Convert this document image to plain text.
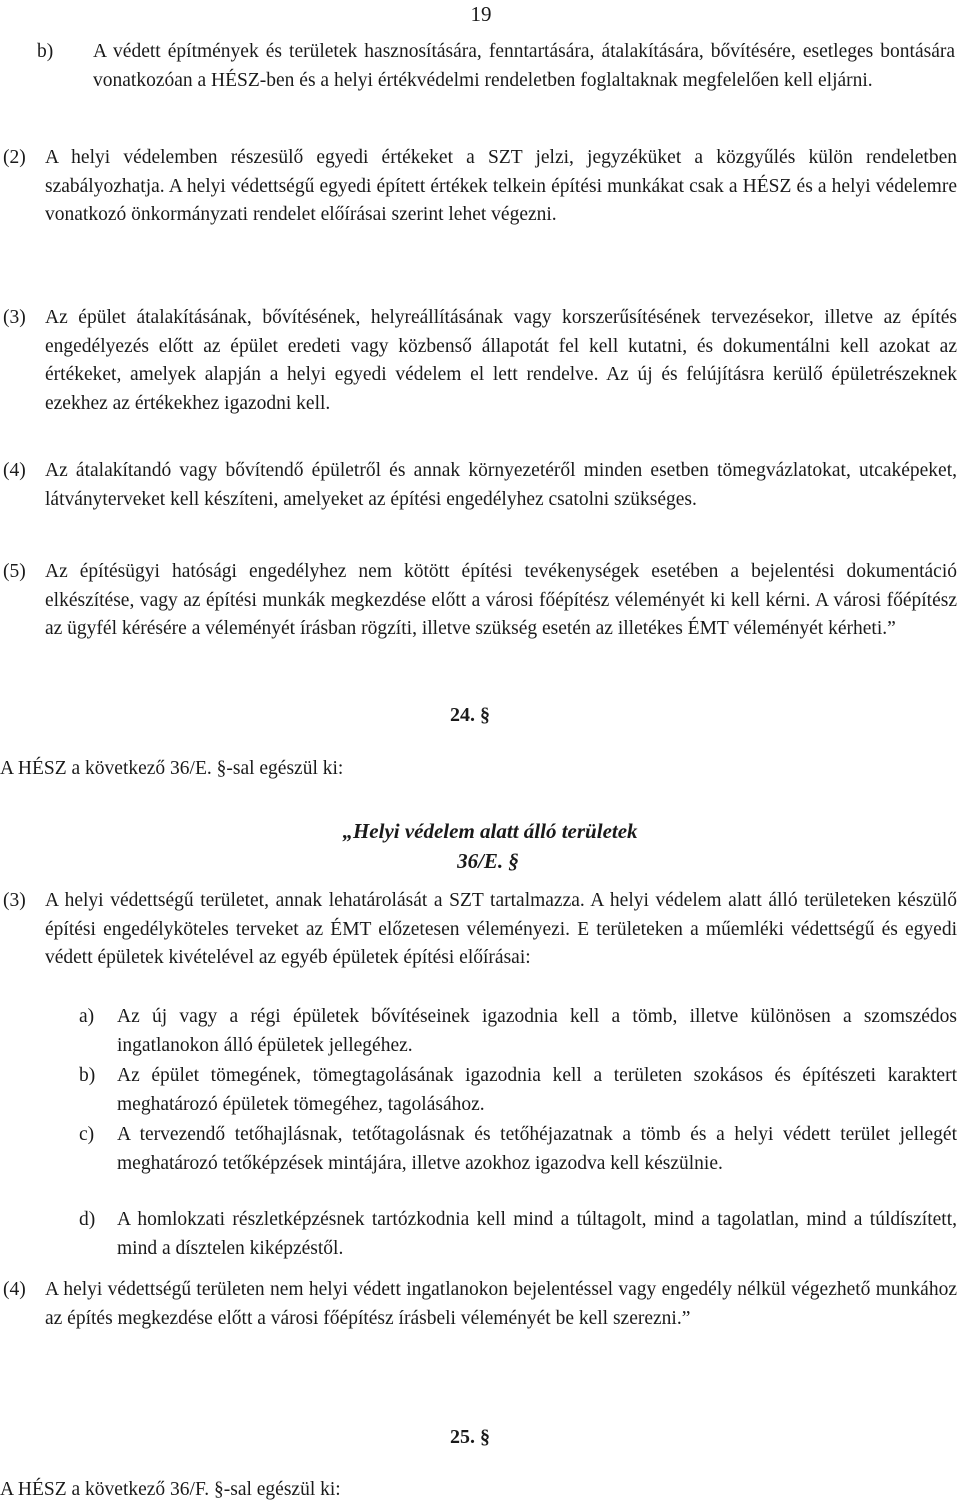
19
b) A védett építmények és területek hasznosítására, fenntartására, átalakítására, bővítésére, esetleges bontására vonatkozóan a HÉSZ-ben és a helyi értékvédelmi rendeletben foglaltaknak megfelelően kell eljárni.
(2) A helyi védelemben részesülő egyedi értékeket a SZT jelzi, jegyzéküket a közgyűlés külön rendeletben szabályozhatja. A helyi védettségű egyedi épített értékek telkein építési munkákat csak a HÉSZ és a helyi védelemre vonatkozó önkormányzati rendelet előírásai szerint lehet végezni.
(3) Az épület átalakításának, bővítésének, helyreállításának vagy korszerűsítésének tervezésekor, illetve az építés engedélyezés előtt az épület eredeti vagy közbenső állapotát fel kell kutatni, és dokumentálni kell azokat az értékeket, amelyek alapján a helyi egyedi védelem el lett rendelve. Az új és felújításra kerülő épületrészeknek ezekhez az értékekhez igazodni kell.
(4) Az átalakítandó vagy bővítendő épületről és annak környezetéről minden esetben tömegvázlatokat, utcaképeket, látványterveket kell készíteni, amelyeket az építési engedélyhez csatolni szükséges.
(5) Az építésügyi hatósági engedélyhez nem kötött építési tevékenységek esetében a bejelentési dokumentáció elkészítése, vagy az építési munkák megkezdése előtt a városi főépítész véleményét ki kell kérni. A városi főépítész az ügyfél kérésére a véleményét írásban rögzíti, illetve szükség esetén az illetékes ÉMT véleményét kérheti.”
24. §
A HÉSZ a következő 36/E. §-sal egészül ki:
„Helyi védelem alatt álló területek
36/E. §
(3) A helyi védettségű területet, annak lehatárolását a SZT tartalmazza. A helyi védelem alatt álló területeken készülő építési engedélyköteles terveket az ÉMT előzetesen véleményezi. E területeken a műemléki védettségű és egyedi védett épületek kivételével az egyéb épületek építési előírásai:
a) Az új vagy a régi épületek bővítéseinek igazodnia kell a tömb, illetve különösen a szomszédos ingatlanokon álló épületek jellegéhez.
b) Az épület tömegének, tömegtagolásának igazodnia kell a területen szokásos és építészeti karaktert meghatározó épületek tömegéhez, tagolásához.
c) A tervezendő tetőhajlásnak, tetőtagolásnak és tetőhéjazatnak a tömb és a helyi védett terület jellegét meghatározó tetőképzések mintájára, illetve azokhoz igazodva kell készülnie.
d) A homlokzati részletképzésnek tartózkodnia kell mind a túltagolt, mind a tagolatlan, mind a túldíszített, mind a dísztelen kiképzéstől.
(4) A helyi védettségű területen nem helyi védett ingatlanokon bejelentéssel vagy engedély nélkül végezhető munkához az építés megkezdése előtt a városi főépítész írásbeli véleményét be kell szerezni.”
25. §
A HÉSZ a következő 36/F. §-sal egészül ki:
